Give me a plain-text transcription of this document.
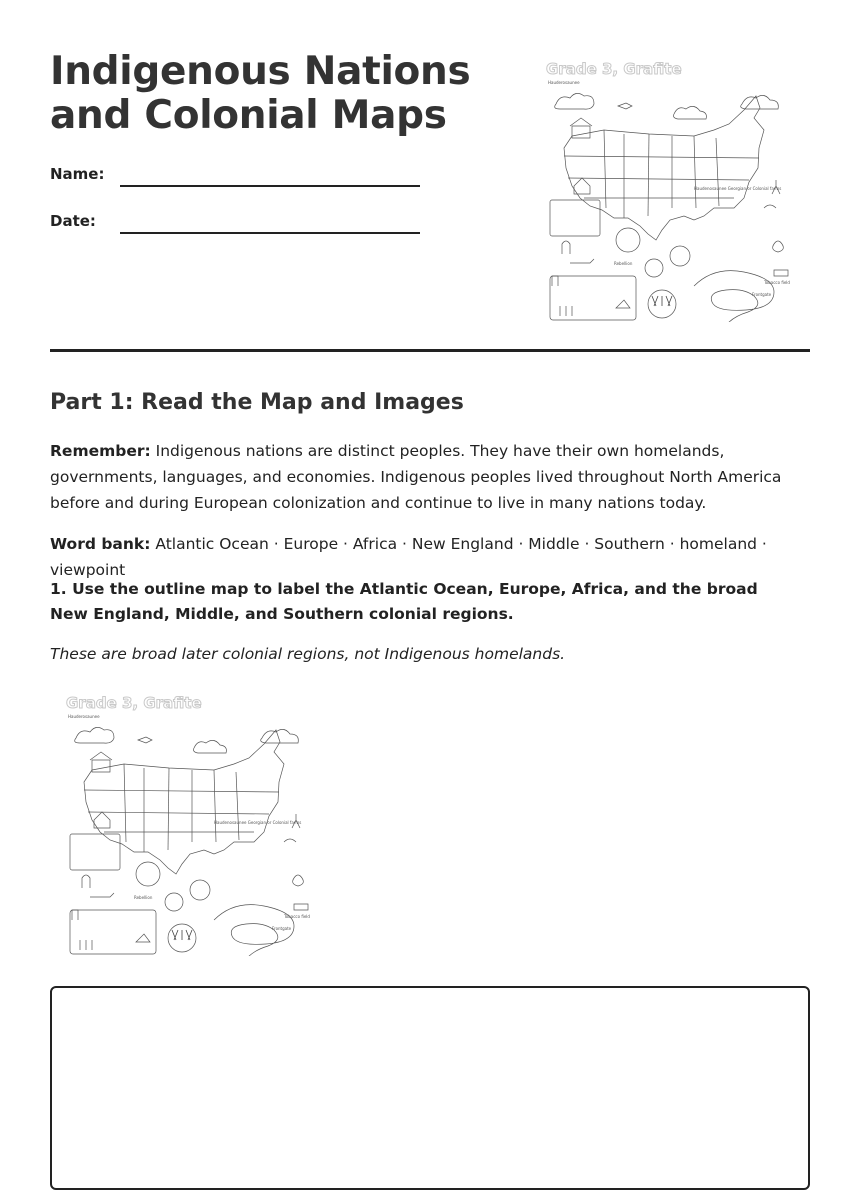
Indigenous Nations and Colonial Maps
Name:
Date:
Grade 3, Grafite
Hauderosaunee
Haudenosaunee Georgian or Colonial farms
Rebellion
Tobacco field
Frontgate
Part 1: Read the Map and Images

Remember: Indigenous nations are distinct peoples. They have their own homelands, governments, languages, and economies. Indigenous peoples lived throughout North America before and during European colonization and continue to live in many nations today.

Word bank: Atlantic Ocean · Europe · Africa · New England · Middle · Southern · homeland · viewpoint

1. Use the outline map to label the Atlantic Ocean, Europe, Africa, and the broad New England, Middle, and Southern colonial regions.

These are broad later colonial regions, not Indigenous homelands.

Grade 3, Grafite
Hauderosaunee
Haudenosaunee Georgian or Colonial farms
Rebellion
Tobacco field
Frontgate
